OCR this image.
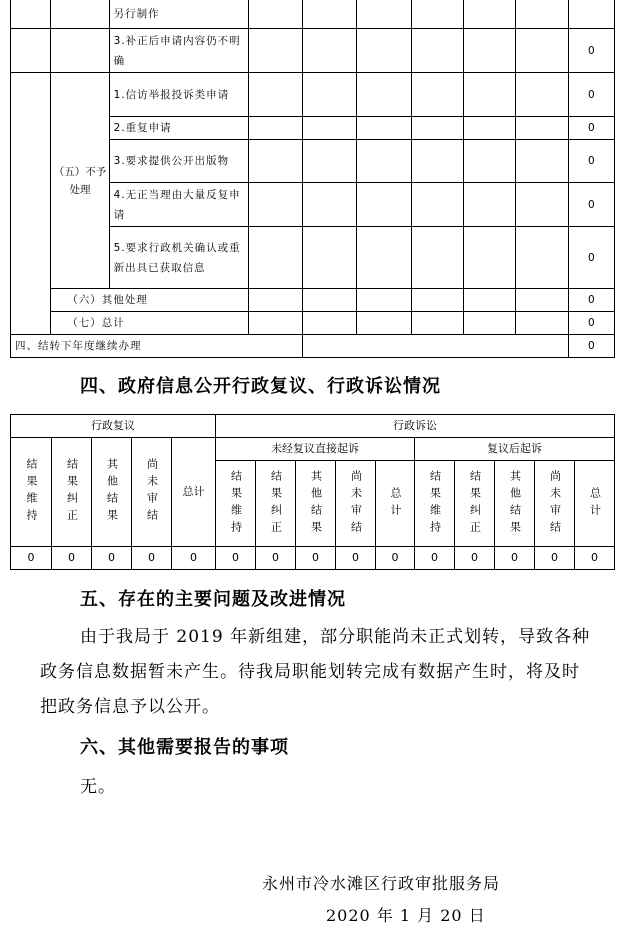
		另行制作							
		3.补正后申请内容仍不明确							0
	（五）不予处理	1.信访举报投诉类申请							0
		2.重复申请							0
		3.要求提供公开出版物							0
		4.无正当理由大量反复申请							0
		5.要求行政机关确认或重新出具已获取信息							0
	（六）其他处理								0
	（七）总计								0
四、结转下年度继续办理									0
四、政府信息公开行政复议、行政诉讼情况
行政复议					行政诉讼									
结果维持	结果纠正	其他结果	尚未审结	总计	未经复议直接起诉					复议后起诉				
					结果维持	结果纠正	其他结果	尚未审结	总计	结果维持	结果纠正	其他结果	尚未审结	总计
0	0	0	0	0	0	0	0	0	0	0	0	0	0	0
五、存在的主要问题及改进情况
由于我局于 2019 年新组建，部分职能尚未正式划转，导致各种政务信息数据暂未产生。待我局职能划转完成有数据产生时，将及时把政务信息予以公开。
六、其他需要报告的事项
无。
永州市冷水滩区行政审批服务局
2020 年 1 月 20 日
